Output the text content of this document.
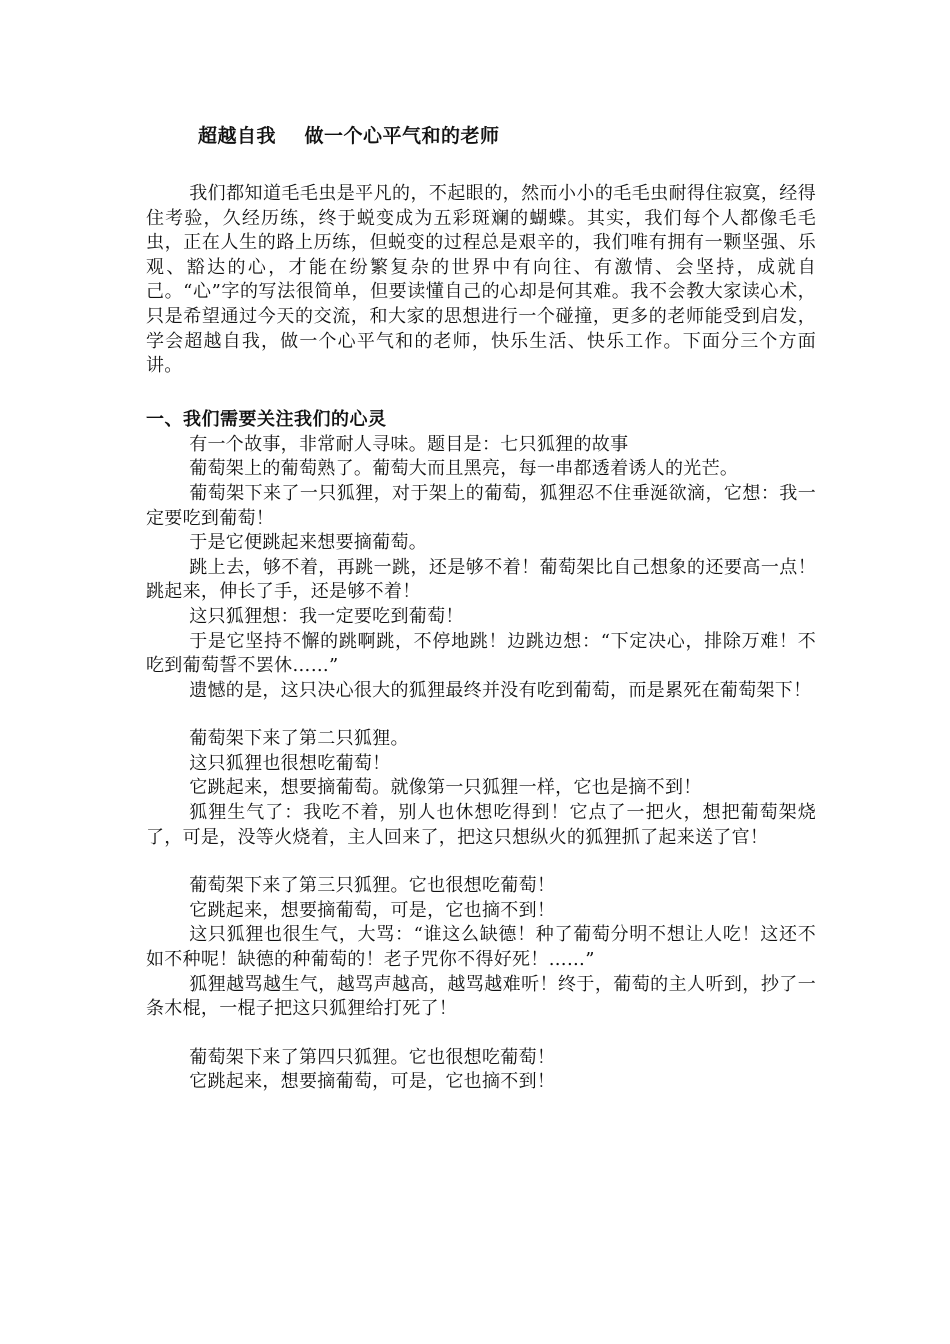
超越自我    做一个心平气和的老师

我们都知道毛毛虫是平凡的，不起眼的，然而小小的毛毛虫耐得住寂寞，经得住考验，久经历练，终于蜕变成为五彩斑斓的蝴蝶。其实，我们每个人都像毛毛虫，正在人生的路上历练，但蜕变的过程总是艰辛的，我们唯有拥有一颗坚强、乐观、豁达的心，才能在纷繁复杂的世界中有向往、有激情、会坚持，成就自己。“心”字的写法很简单，但要读懂自己的心却是何其难。我不会教大家读心术，只是希望通过今天的交流，和大家的思想进行一个碰撞，更多的老师能受到启发，学会超越自我，做一个心平气和的老师，快乐生活、快乐工作。下面分三个方面讲。

一、我们需要关注我们的心灵

有一个故事，非常耐人寻味。题目是：七只狐狸的故事

葡萄架上的葡萄熟了。葡萄大而且黑亮，每一串都透着诱人的光芒。

葡萄架下来了一只狐狸，对于架上的葡萄，狐狸忍不住垂涎欲滴，它想：我一定要吃到葡萄！

于是它便跳起来想要摘葡萄。

跳上去，够不着，再跳一跳，还是够不着！葡萄架比自己想象的还要高一点！跳起来，伸长了手，还是够不着！

这只狐狸想：我一定要吃到葡萄！

于是它坚持不懈的跳啊跳，不停地跳！边跳边想：“下定决心，排除万难！不吃到葡萄誓不罢休……”

遗憾的是，这只决心很大的狐狸最终并没有吃到葡萄，而是累死在葡萄架下！

葡萄架下来了第二只狐狸。

这只狐狸也很想吃葡萄！

它跳起来，想要摘葡萄。就像第一只狐狸一样，它也是摘不到！

狐狸生气了：我吃不着，别人也休想吃得到！它点了一把火，想把葡萄架烧了，可是，没等火烧着，主人回来了，把这只想纵火的狐狸抓了起来送了官！

葡萄架下来了第三只狐狸。它也很想吃葡萄！

它跳起来，想要摘葡萄，可是，它也摘不到！

这只狐狸也很生气，大骂：“谁这么缺德！种了葡萄分明不想让人吃！这还不如不种呢！缺德的种葡萄的！老子咒你不得好死！……”

狐狸越骂越生气，越骂声越高，越骂越难听！终于，葡萄的主人听到，抄了一条木棍，一棍子把这只狐狸给打死了！

葡萄架下来了第四只狐狸。它也很想吃葡萄！

它跳起来，想要摘葡萄，可是，它也摘不到！
